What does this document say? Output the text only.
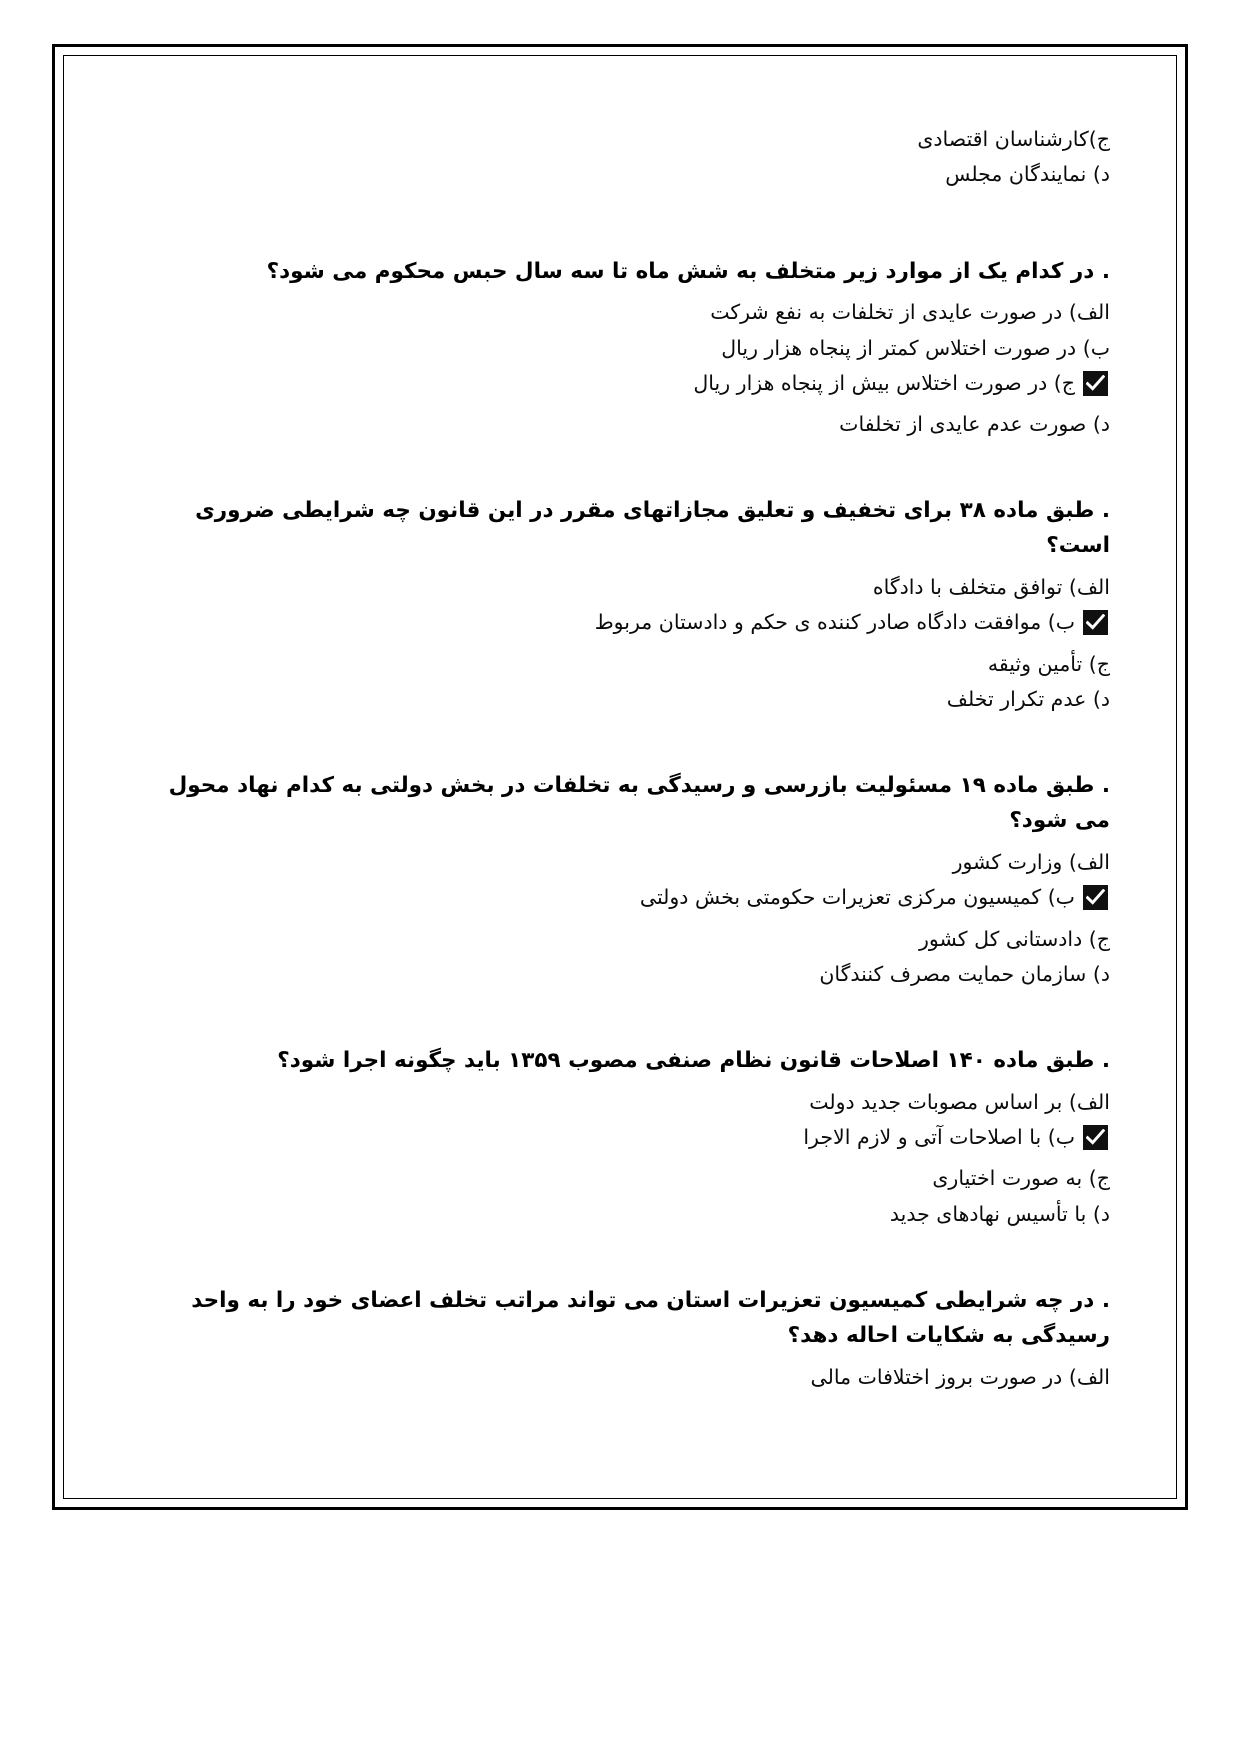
ج)کارشناسان اقتصادی
د) نمایندگان مجلس
. در کدام یک از موارد زیر متخلف به شش ماه تا سه سال حبس محکوم می شود؟
الف) در صورت عایدی از تخلفات به نفع شرکت
ب) در صورت اختلاس کمتر از پنجاه هزار ریال
ج) در صورت اختلاس بیش از پنجاه هزار ریال
د) صورت عدم عایدی از تخلفات
. طبق ماده ۳۸ برای تخفیف و تعلیق مجازاتهای مقرر در این قانون چه شرایطی ضروری است؟
الف) توافق متخلف با دادگاه
ب) موافقت دادگاه صادر کننده ی حکم و دادستان مربوط
ج) تأمین وثیقه
د) عدم تکرار تخلف
. طبق ماده ۱۹ مسئولیت بازرسی و رسیدگی به تخلفات در بخش دولتی به کدام نهاد محول می شود؟
الف) وزارت کشور
ب) کمیسیون مرکزی تعزیرات حکومتی بخش دولتی
ج) دادستانی کل کشور
د) سازمان حمایت مصرف کنندگان
. طبق ماده ۱۴۰ اصلاحات قانون نظام صنفی مصوب ۱۳۵۹ باید چگونه اجرا شود؟
الف) بر اساس مصوبات جدید دولت
ب) با اصلاحات آتی و لازم الاجرا
ج) به صورت اختیاری
د) با تأسیس نهادهای جدید
. در چه شرایطی کمیسیون تعزیرات استان می تواند مراتب تخلف اعضای خود را به واحد رسیدگی به شکایات احاله دهد؟
الف) در صورت بروز اختلافات مالی
